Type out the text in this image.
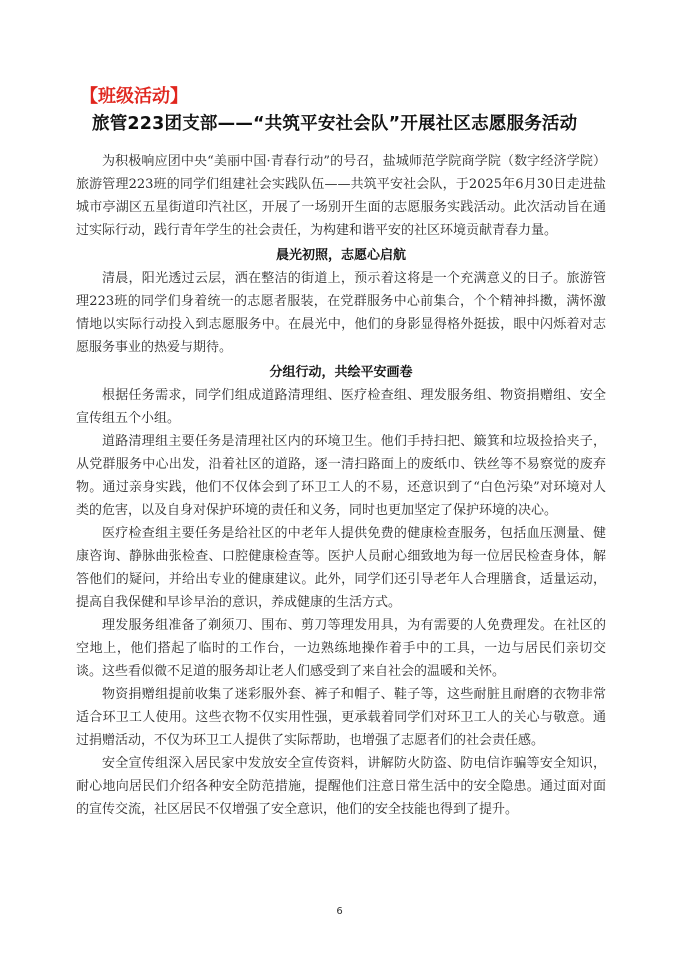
【班级活动】
旅管223团支部——“共筑平安社会队”开展社区志愿服务活动

为积极响应团中央“美丽中国·青春行动”的号召，盐城师范学院商学院（数字经济学院）旅游管理223班的同学们组建社会实践队伍——共筑平安社会队，于2025年6月30日走进盐城市亭湖区五星街道印汽社区，开展了一场别开生面的志愿服务实践活动。此次活动旨在通过实际行动，践行青年学生的社会责任，为构建和谐平安的社区环境贡献青春力量。

晨光初照，志愿心启航

清晨，阳光透过云层，洒在整洁的街道上，预示着这将是一个充满意义的日子。旅游管理223班的同学们身着统一的志愿者服装，在党群服务中心前集合，个个精神抖擞，满怀激情地以实际行动投入到志愿服务中。在晨光中，他们的身影显得格外挺拔，眼中闪烁着对志愿服务事业的热爱与期待。

分组行动，共绘平安画卷

根据任务需求，同学们组成道路清理组、医疗检查组、理发服务组、物资捐赠组、安全宣传组五个小组。

道路清理组主要任务是清理社区内的环境卫生。他们手持扫把、簸箕和垃圾捡拾夹子，从党群服务中心出发，沿着社区的道路，逐一清扫路面上的废纸巾、铁丝等不易察觉的废弃物。通过亲身实践，他们不仅体会到了环卫工人的不易，还意识到了“白色污染”对环境对人类的危害，以及自身对保护环境的责任和义务，同时也更加坚定了保护环境的决心。

医疗检查组主要任务是给社区的中老年人提供免费的健康检查服务，包括血压测量、健康咨询、静脉曲张检查、口腔健康检查等。医护人员耐心细致地为每一位居民检查身体，解答他们的疑问，并给出专业的健康建议。此外，同学们还引导老年人合理膳食，适量运动，提高自我保健和早诊早治的意识，养成健康的生活方式。

理发服务组准备了剃须刀、围布、剪刀等理发用具，为有需要的人免费理发。在社区的空地上，他们搭起了临时的工作台，一边熟练地操作着手中的工具，一边与居民们亲切交谈。这些看似微不足道的服务却让老人们感受到了来自社会的温暖和关怀。

物资捐赠组提前收集了迷彩服外套、裤子和帽子、鞋子等，这些耐脏且耐磨的衣物非常适合环卫工人使用。这些衣物不仅实用性强，更承载着同学们对环卫工人的关心与敬意。通过捐赠活动，不仅为环卫工人提供了实际帮助，也增强了志愿者们的社会责任感。

安全宣传组深入居民家中发放安全宣传资料，讲解防火防盗、防电信诈骗等安全知识，耐心地向居民们介绍各种安全防范措施，提醒他们注意日常生活中的安全隐患。通过面对面的宣传交流，社区居民不仅增强了安全意识，他们的安全技能也得到了提升。

6
